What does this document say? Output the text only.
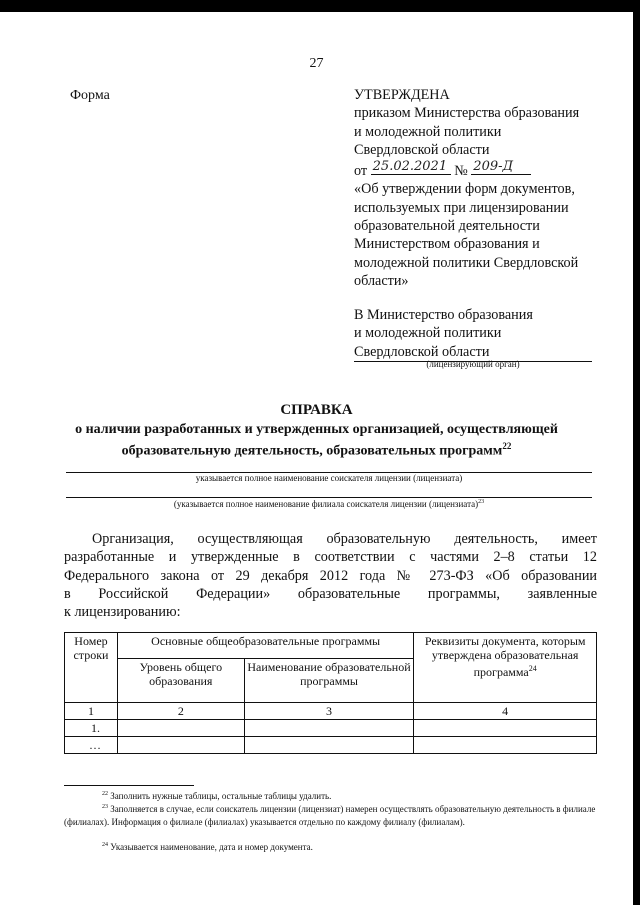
27
Форма	УТВЕРЖДЕНА
приказом Министерства образования
и молодежной политики
Свердловской области
от 25.02.2021 № 209-Д
«Об утверждении форм документов,
используемых при лицензировании
образовательной деятельности
Министерством образования и
молодежной политики Свердловской
области»
В Министерство образования
и молодежной политики
Свердловской области
(лицензирующий орган)
СПРАВКА
о наличии разработанных и утвержденных организацией, осуществляющей
образовательную деятельность, образовательных программ$^{22}$
указывается полное наименование соискателя лицензии (лицензиата)
(указывается полное наименование филиала соискателя лицензии (лицензиата)$^{23}$

Организация, осуществляющая образовательную деятельность, имеет

разработанные и утвержденные в соответствии с частями 2–8 статьи 12

Федерального закона от 29 декабря 2012 года № 273-ФЗ «Об образовании

в Российской Федерации» образовательные программы, заявленные

к лицензированию:

Номер строки	Основные общеобразовательные программы		Реквизиты документа, которым утверждена образовательная программа$^{24}$
	Уровень общего образования	Наименование образовательной программы	
1	2	3	4
1.			
…			
$^{22}$ Заполнить нужные таблицы, остальные таблицы удалить.
$^{23}$ Заполняется в случае, если соискатель лицензии (лицензиат) намерен осуществлять образовательную деятельность в филиале (филиалах). Информация о филиале (филиалах) указывается отдельно по каждому филиалу (филиалам).
$^{24}$ Указывается наименование, дата и номер документа.
